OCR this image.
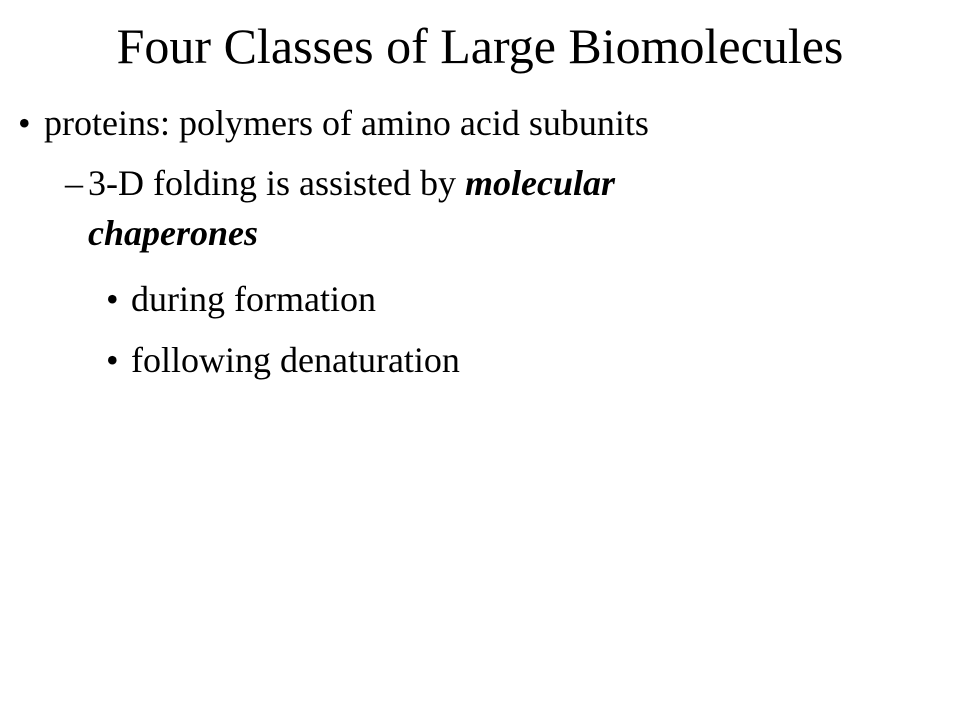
Four Classes of Large Biomolecules
• proteins: polymers of amino acid subunits
– 3-D folding is assisted by molecular
chaperones
• during formation
• following denaturation
